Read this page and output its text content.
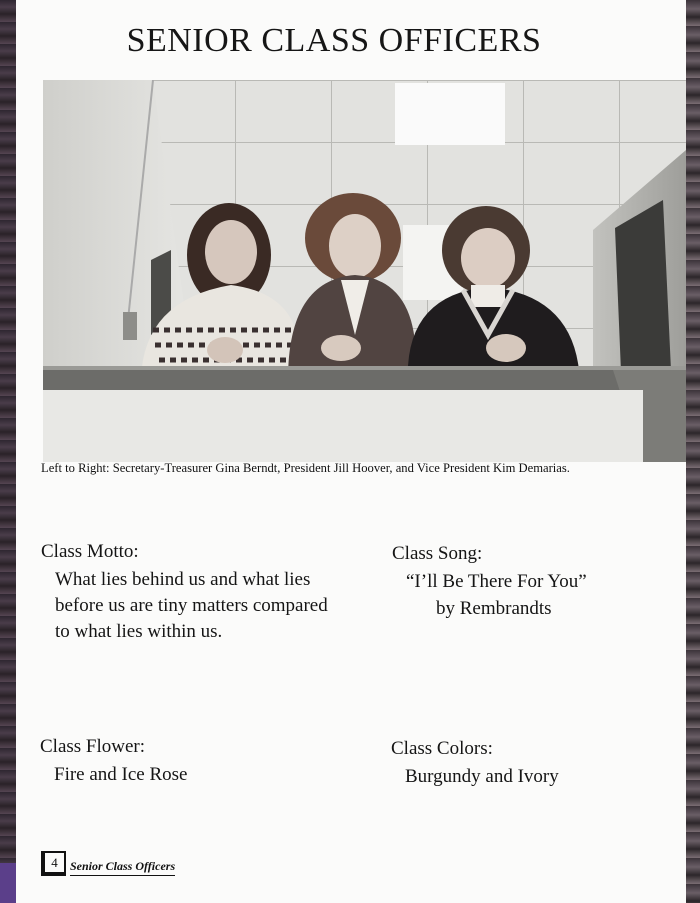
SENIOR CLASS OFFICERS
Left to Right: Secretary-Treasurer Gina Berndt, President Jill Hoover, and Vice President Kim Demarias.
Class Motto:
What lies behind us and what lies before us are tiny matters compared to what lies within us.
Class Song:
“I’ll Be There For You”
by Rembrandts
Class Flower:
Fire and Ice Rose
Class Colors:
Burgundy and Ivory
4	Senior Class Officers
